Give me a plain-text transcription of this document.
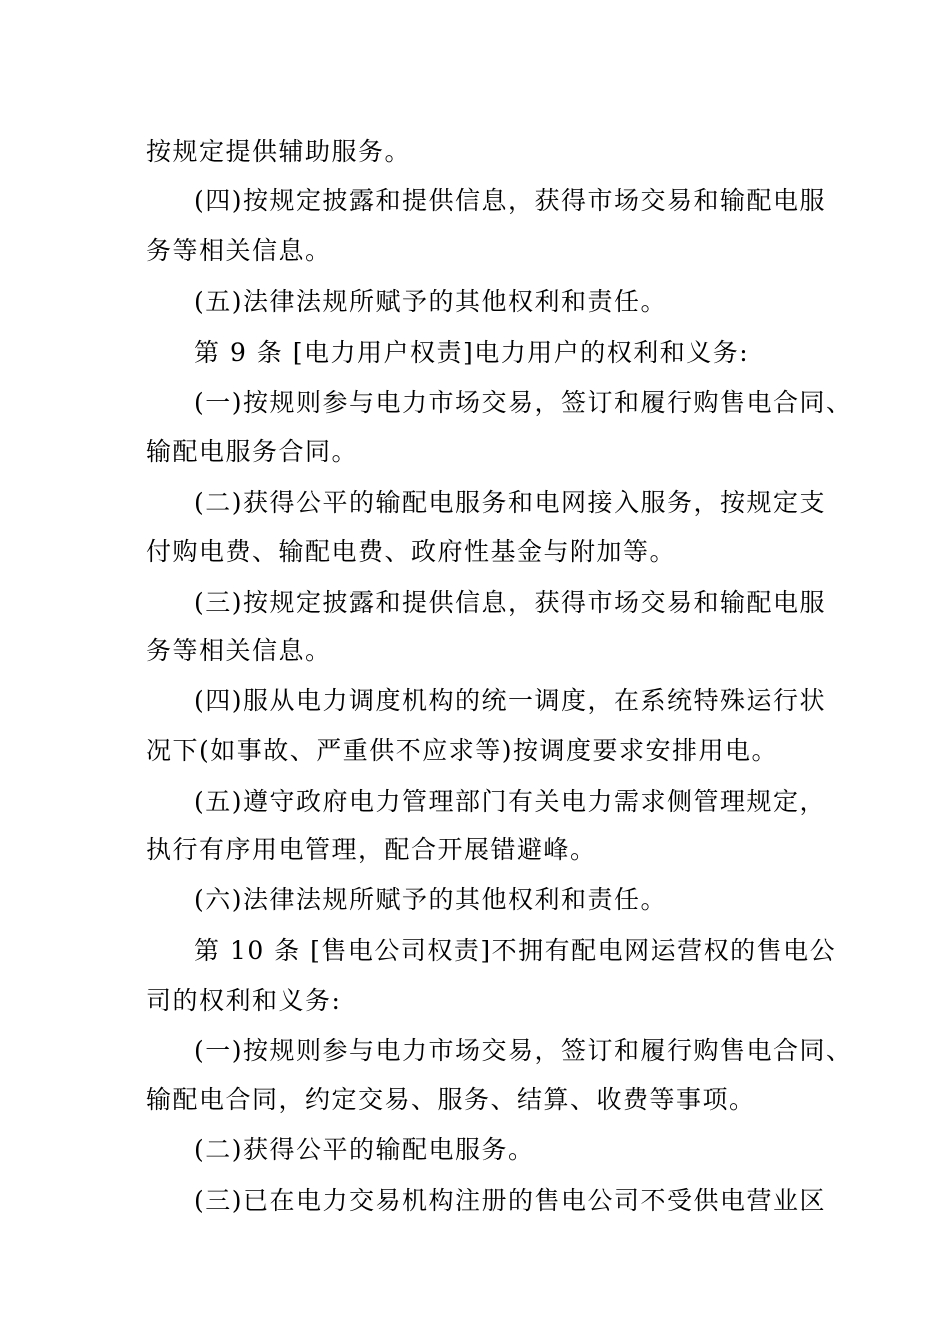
按规定提供辅助服务。
(四)按规定披露和提供信息，获得市场交易和输配电服
务等相关信息。
(五)法律法规所赋予的其他权利和责任。
第 9 条 [电力用户权责]电力用户的权利和义务:
(一)按规则参与电力市场交易，签订和履行购售电合同、
输配电服务合同。
(二)获得公平的输配电服务和电网接入服务，按规定支
付购电费、输配电费、政府性基金与附加等。
(三)按规定披露和提供信息，获得市场交易和输配电服
务等相关信息。
(四)服从电力调度机构的统一调度，在系统特殊运行状
况下(如事故、严重供不应求等)按调度要求安排用电。
(五)遵守政府电力管理部门有关电力需求侧管理规定，
执行有序用电管理，配合开展错避峰。
(六)法律法规所赋予的其他权利和责任。
第 10 条 [售电公司权责]不拥有配电网运营权的售电公
司的权利和义务:
(一)按规则参与电力市场交易，签订和履行购售电合同、
输配电合同，约定交易、服务、结算、收费等事项。
(二)获得公平的输配电服务。
(三)已在电力交易机构注册的售电公司不受供电营业区
